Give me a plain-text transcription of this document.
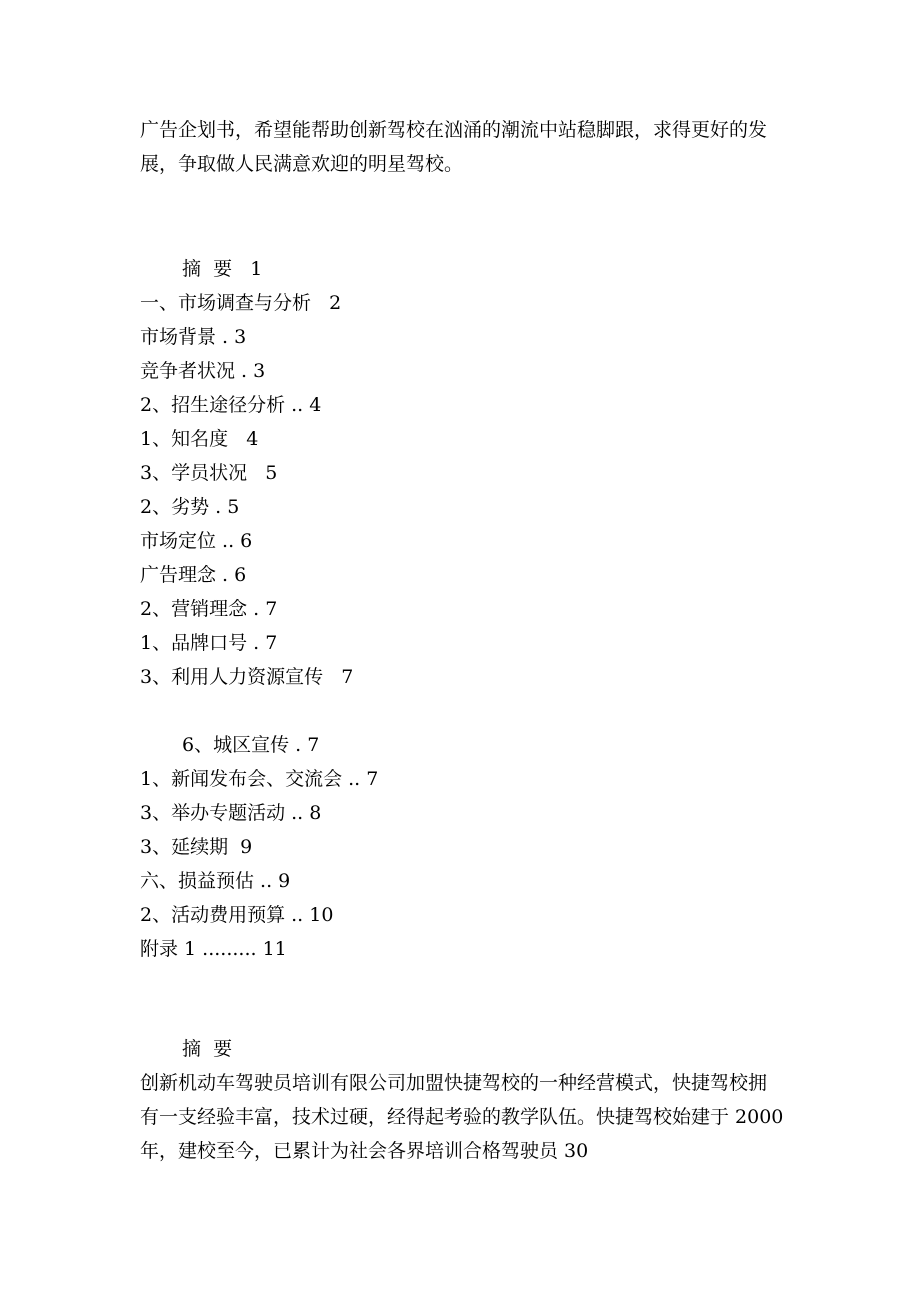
广告企划书，希望能帮助创新驾校在汹涌的潮流中站稳脚跟，求得更好的发展，争取做人民满意欢迎的明星驾校。

摘  要   1
一、市场调查与分析   2
市场背景 . 3
竞争者状况 . 3
2、招生途径分析 .. 4
1、知名度   4
3、学员状况   5
2、劣势 . 5
市场定位 .. 6
广告理念 . 6
2、营销理念 . 7
1、品牌口号 . 7
3、利用人力资源宣传   7
6、城区宣传 . 7
1、新闻发布会、交流会 .. 7
3、举办专题活动 .. 8
3、延续期  9
六、损益预估 .. 9
2、活动费用预算 .. 10
附录 1 ......... 11
摘  要

创新机动车驾驶员培训有限公司加盟快捷驾校的一种经营模式，快捷驾校拥有一支经验丰富，技术过硬，经得起考验的教学队伍。快捷驾校始建于 2000 年，建校至今，已累计为社会各界培训合格驾驶员 30
